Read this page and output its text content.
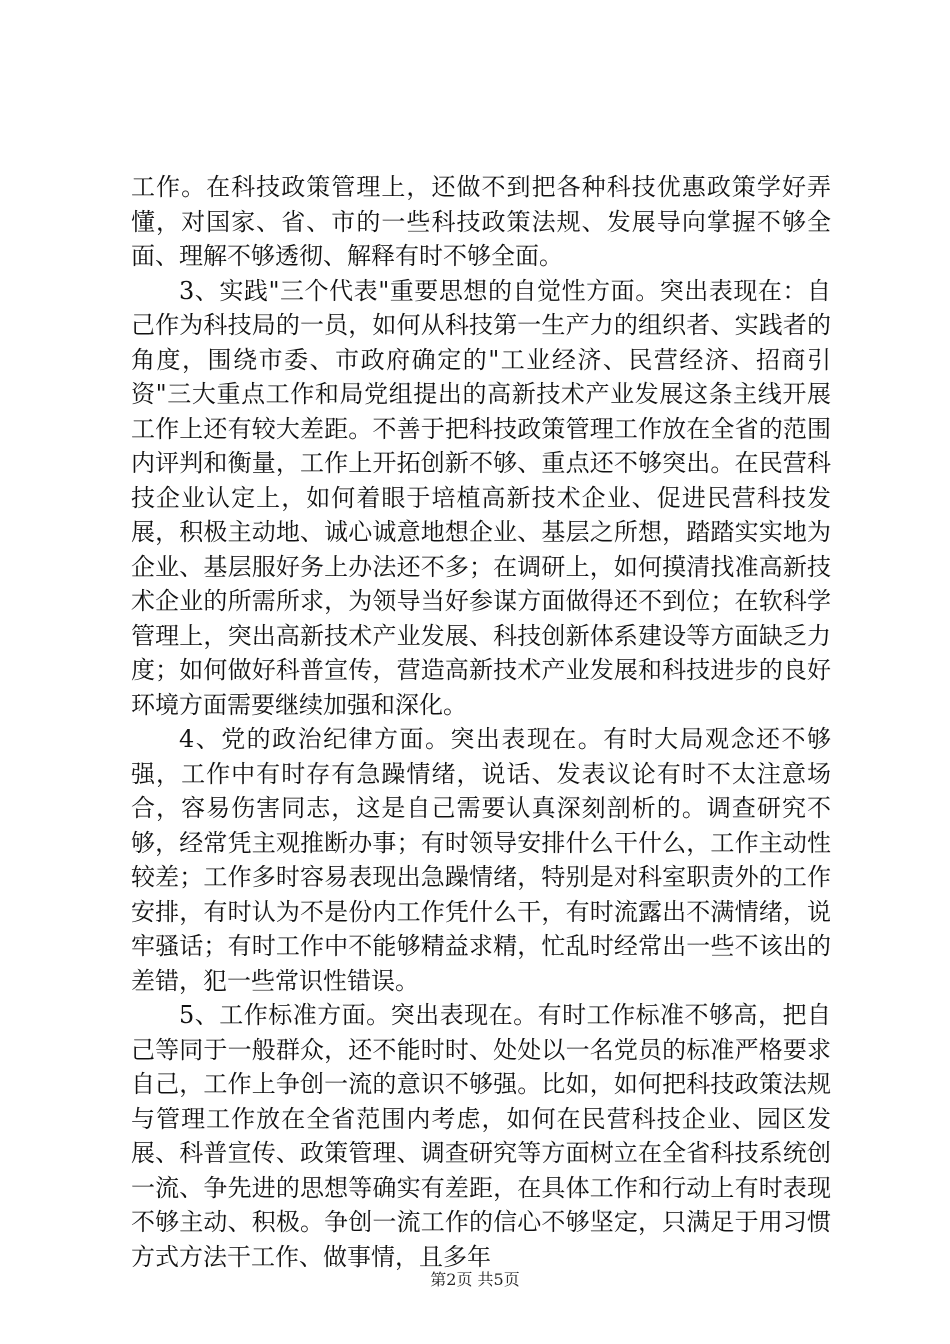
工作。在科技政策管理上，还做不到把各种科技优惠政策学好弄懂，对国家、省、市的一些科技政策法规、发展导向掌握不够全面、理解不够透彻、解释有时不够全面。

3、实践"三个代表"重要思想的自觉性方面。突出表现在：自己作为科技局的一员，如何从科技第一生产力的组织者、实践者的角度，围绕市委、市政府确定的"工业经济、民营经济、招商引资"三大重点工作和局党组提出的高新技术产业发展这条主线开展工作上还有较大差距。不善于把科技政策管理工作放在全省的范围内评判和衡量，工作上开拓创新不够、重点还不够突出。在民营科技企业认定上，如何着眼于培植高新技术企业、促进民营科技发展，积极主动地、诚心诚意地想企业、基层之所想，踏踏实实地为企业、基层服好务上办法还不多；在调研上，如何摸清找准高新技术企业的所需所求，为领导当好参谋方面做得还不到位；在软科学管理上，突出高新技术产业发展、科技创新体系建设等方面缺乏力度；如何做好科普宣传，营造高新技术产业发展和科技进步的良好环境方面需要继续加强和深化。

4、党的政治纪律方面。突出表现在。有时大局观念还不够强，工作中有时存有急躁情绪，说话、发表议论有时不太注意场合，容易伤害同志，这是自己需要认真深刻剖析的。调查研究不够，经常凭主观推断办事；有时领导安排什么干什么，工作主动性较差；工作多时容易表现出急躁情绪，特别是对科室职责外的工作安排，有时认为不是份内工作凭什么干，有时流露出不满情绪，说牢骚话；有时工作中不能够精益求精，忙乱时经常出一些不该出的差错，犯一些常识性错误。

5、工作标准方面。突出表现在。有时工作标准不够高，把自己等同于一般群众，还不能时时、处处以一名党员的标准严格要求自己，工作上争创一流的意识不够强。比如，如何把科技政策法规与管理工作放在全省范围内考虑，如何在民营科技企业、园区发展、科普宣传、政策管理、调查研究等方面树立在全省科技系统创一流、争先进的思想等确实有差距，在具体工作和行动上有时表现不够主动、积极。争创一流工作的信心不够坚定，只满足于用习惯方式方法干工作、做事情，且多年

第2页 共5页
